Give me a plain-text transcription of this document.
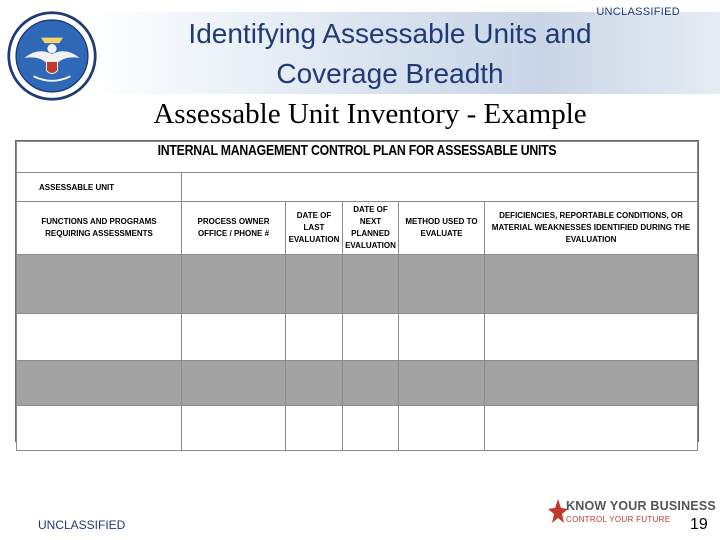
UNCLASSIFIED
Identifying Assessable Units and
Coverage Breadth
Assessable Unit Inventory - Example
INTERNAL MANAGEMENT CONTROL PLAN FOR ASSESSABLE UNITS					

ASSESSABLE UNIT					
FUNCTIONS AND PROGRAMS REQUIRING ASSESSMENTS	PROCESS OWNER OFFICE / PHONE #	DATE OF LAST EVALUATION	DATE OF NEXT PLANNED EVALUATION	METHOD USED TO EVALUATE	DEFICIENCIES, REPORTABLE CONDITIONS, OR MATERIAL WEAKNESSES IDENTIFIED DURING THE EVALUATION

UNCLASSIFIED
KNOW YOUR BUSINESS
CONTROL YOUR FUTURE 19
